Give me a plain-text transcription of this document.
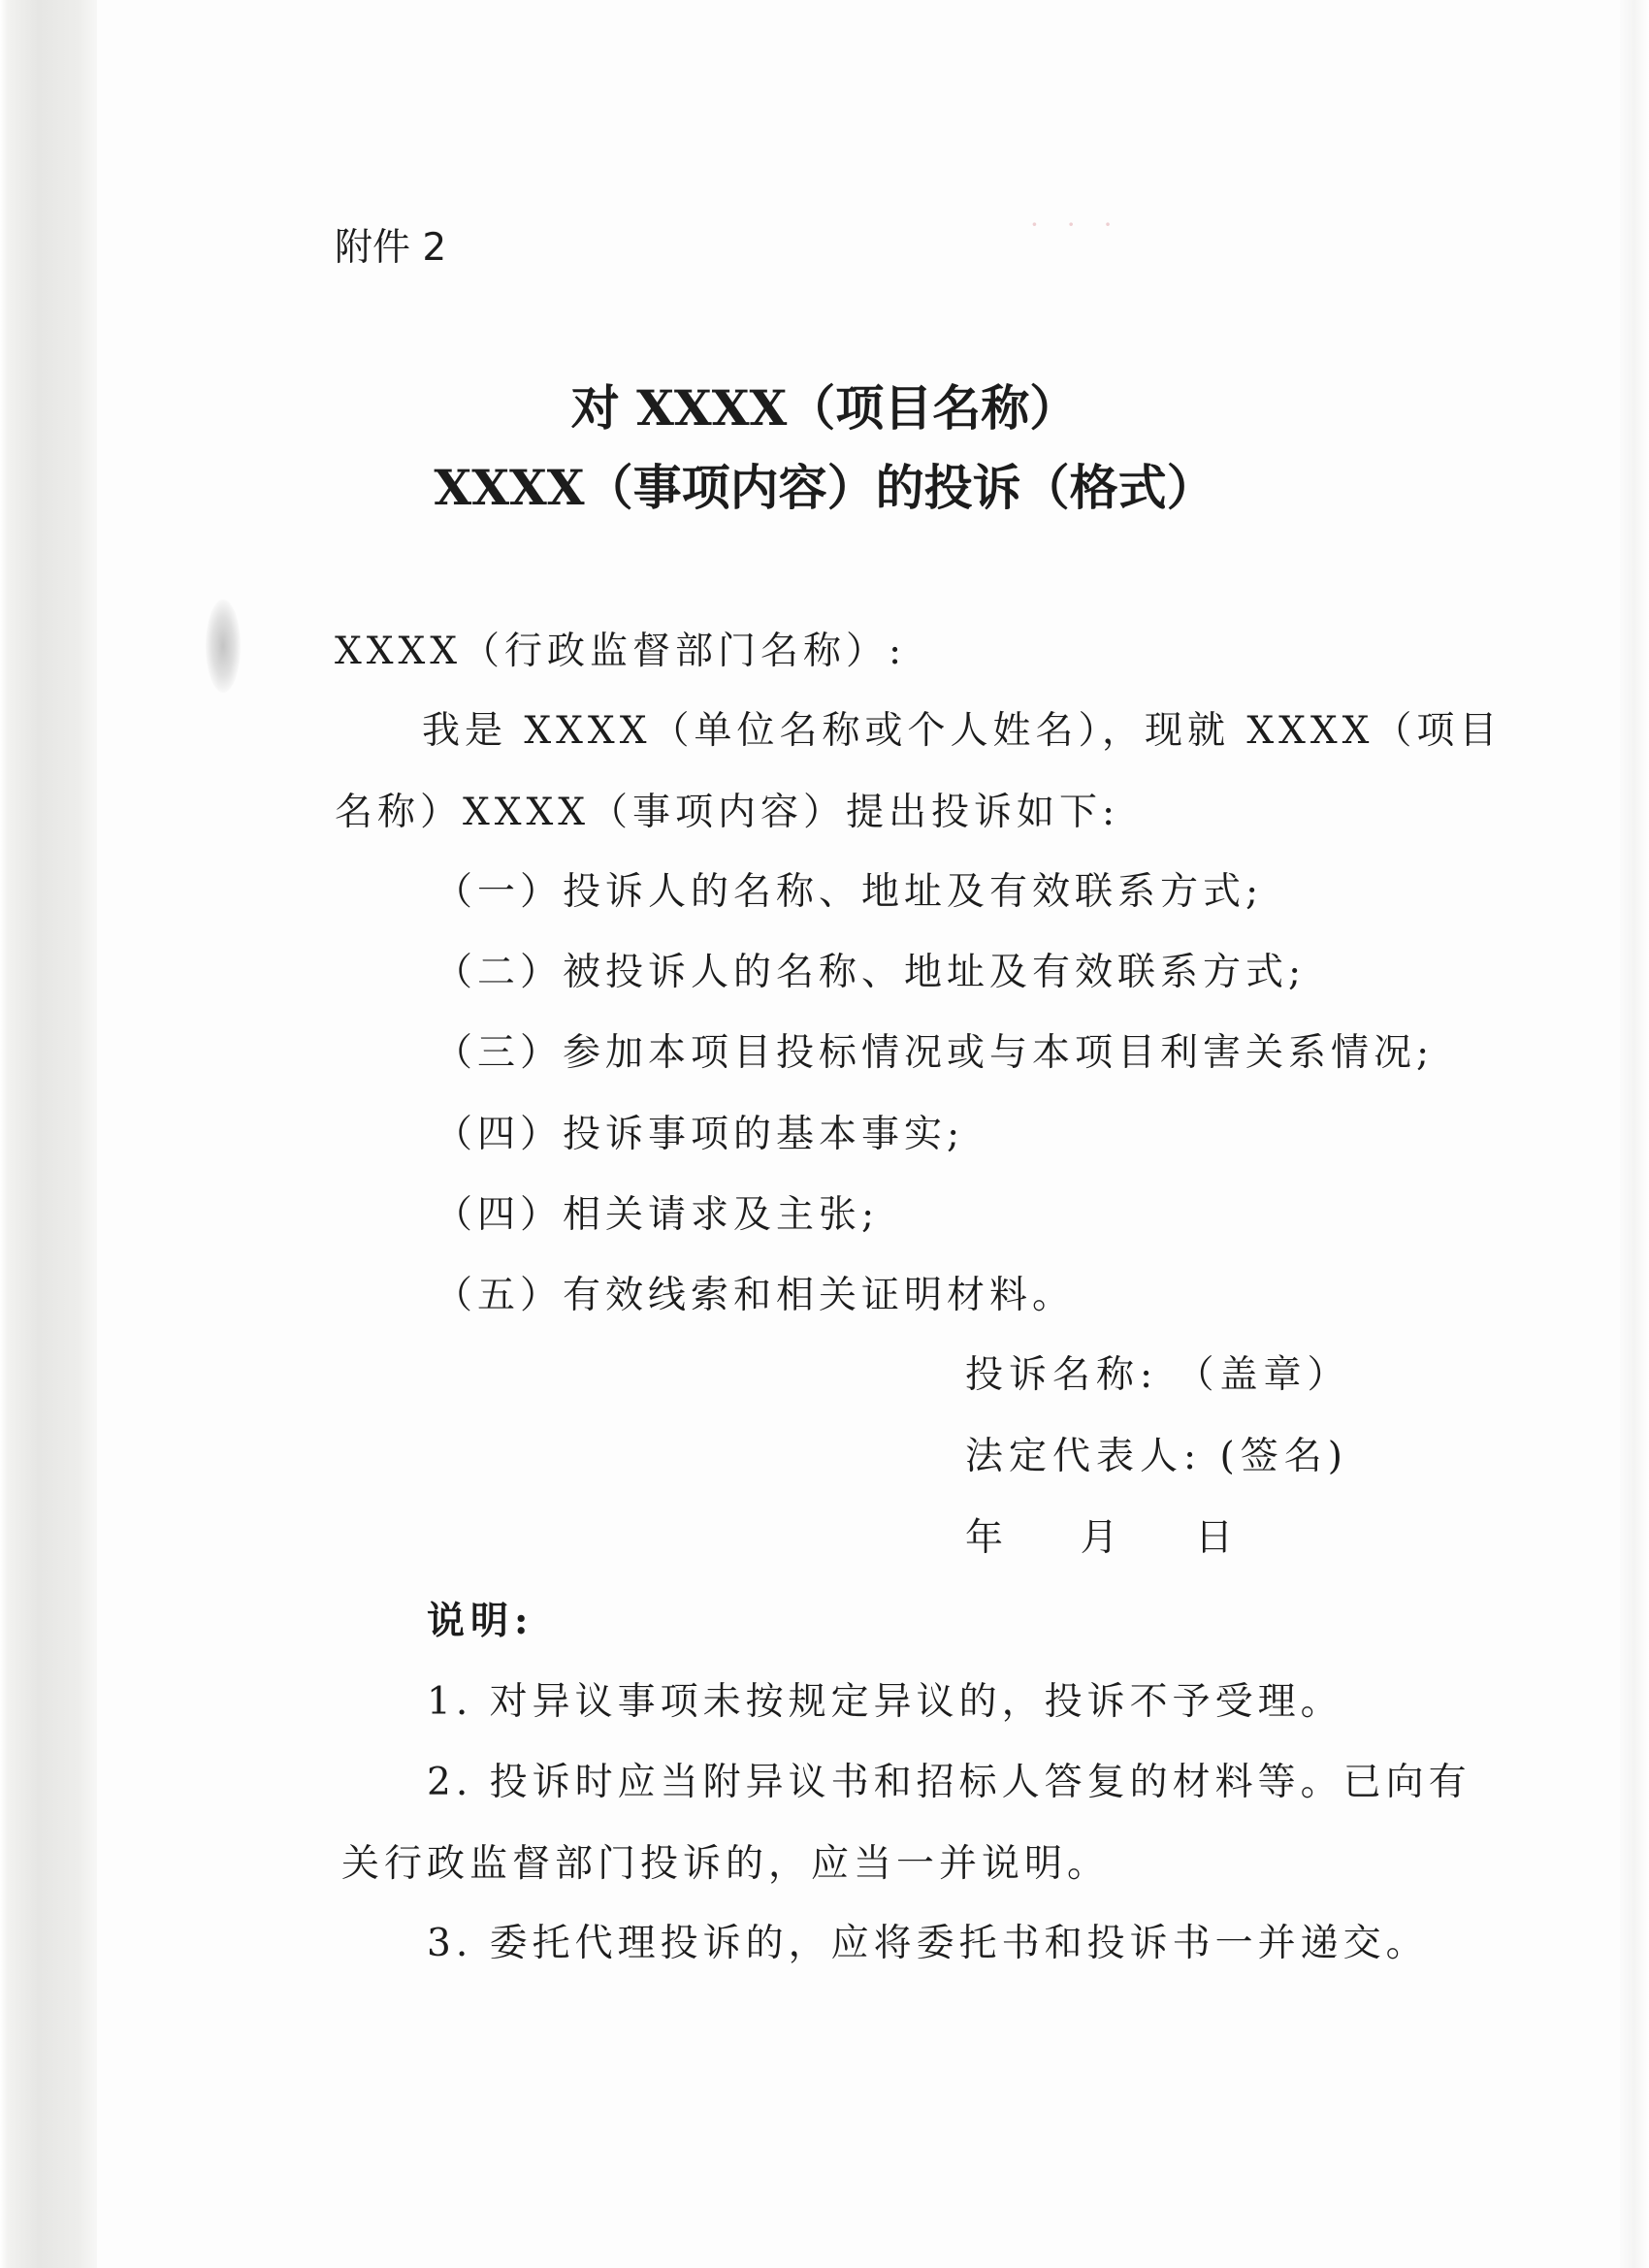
· · ·
附件 2
对 XXXX（项目名称）
XXXX（事项内容）的投诉（格式）
XXXX（行政监督部门名称）:
我是 XXXX（单位名称或个人姓名），现就 XXXX（项目
名称）XXXX（事项内容）提出投诉如下:
（一）投诉人的名称、地址及有效联系方式;
（二）被投诉人的名称、地址及有效联系方式;
（三）参加本项目投标情况或与本项目利害关系情况;
（四）投诉事项的基本事实;
（四）相关请求及主张;
（五）有效线索和相关证明材料。
投诉名称: （盖章）
法定代表人: (签名)
年    月    日
说明:
1. 对异议事项未按规定异议的，投诉不予受理。
2. 投诉时应当附异议书和招标人答复的材料等。已向有
关行政监督部门投诉的，应当一并说明。
3. 委托代理投诉的，应将委托书和投诉书一并递交。
